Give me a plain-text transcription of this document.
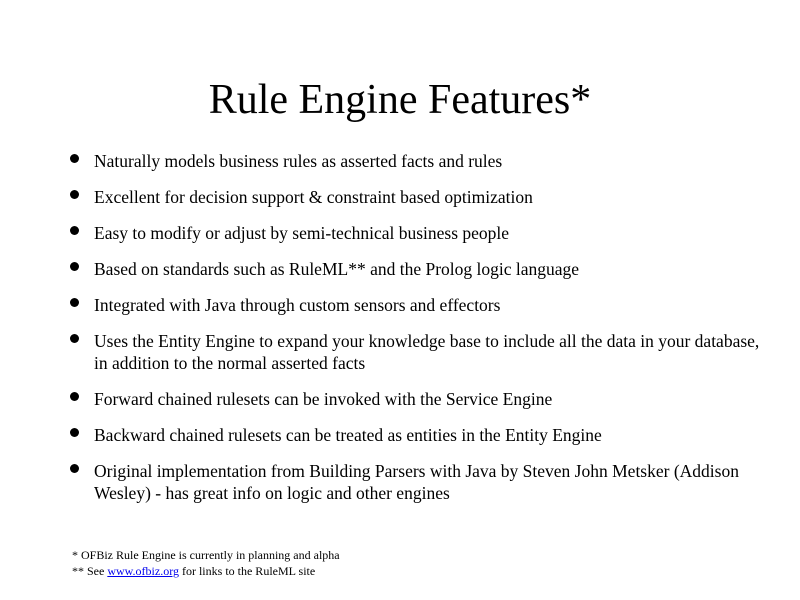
Rule Engine Features*
Naturally models business rules as asserted facts and rules
Excellent for decision support & constraint based optimization
Easy to modify or adjust by semi-technical business people
Based on standards such as RuleML** and the Prolog logic language
Integrated with Java through custom sensors and effectors
Uses the Entity Engine to expand your knowledge base to include all the data in your database, in addition to the normal asserted facts
Forward chained rulesets can be invoked with the Service Engine
Backward chained rulesets can be treated as entities in the Entity Engine
Original implementation from Building Parsers with Java by Steven John Metsker (Addison Wesley) - has great info on logic and other engines
* OFBiz Rule Engine is currently in planning and alpha
** See www.ofbiz.org for links to the RuleML site
